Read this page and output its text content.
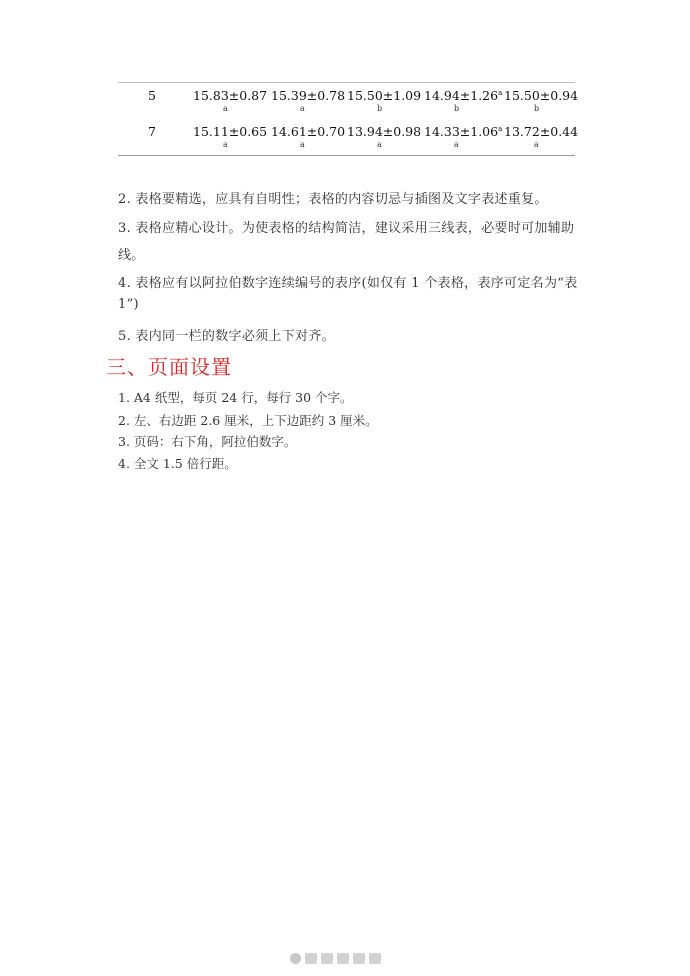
5	15.83±0.87
a
15.39±0.78
a
15.50±1.09
b
14.94±1.26$^a$
b
15.50±0.94
b
7	15.11±0.65
a
14.61±0.70
a
13.94±0.98
a
14.33±1.06$^a$
a
13.72±0.44
a
2. 表格要精选，应具有自明性；表格的内容切忌与插图及文字表述重复。
3. 表格应精心设计。为使表格的结构简洁，建议采用三线表，必要时可加辅助
线。
4. 表格应有以阿拉伯数字连续编号的表序(如仅有 1 个表格，表序可定名为“表
1”)
5. 表内同一栏的数字必须上下对齐。
三、页面设置
1. A4 纸型，每页 24 行，每行 30 个字。
2. 左、右边距 2.6 厘米，上下边距约 3 厘米。
3. 页码：右下角，阿拉伯数字。
4. 全文 1.5 倍行距。
